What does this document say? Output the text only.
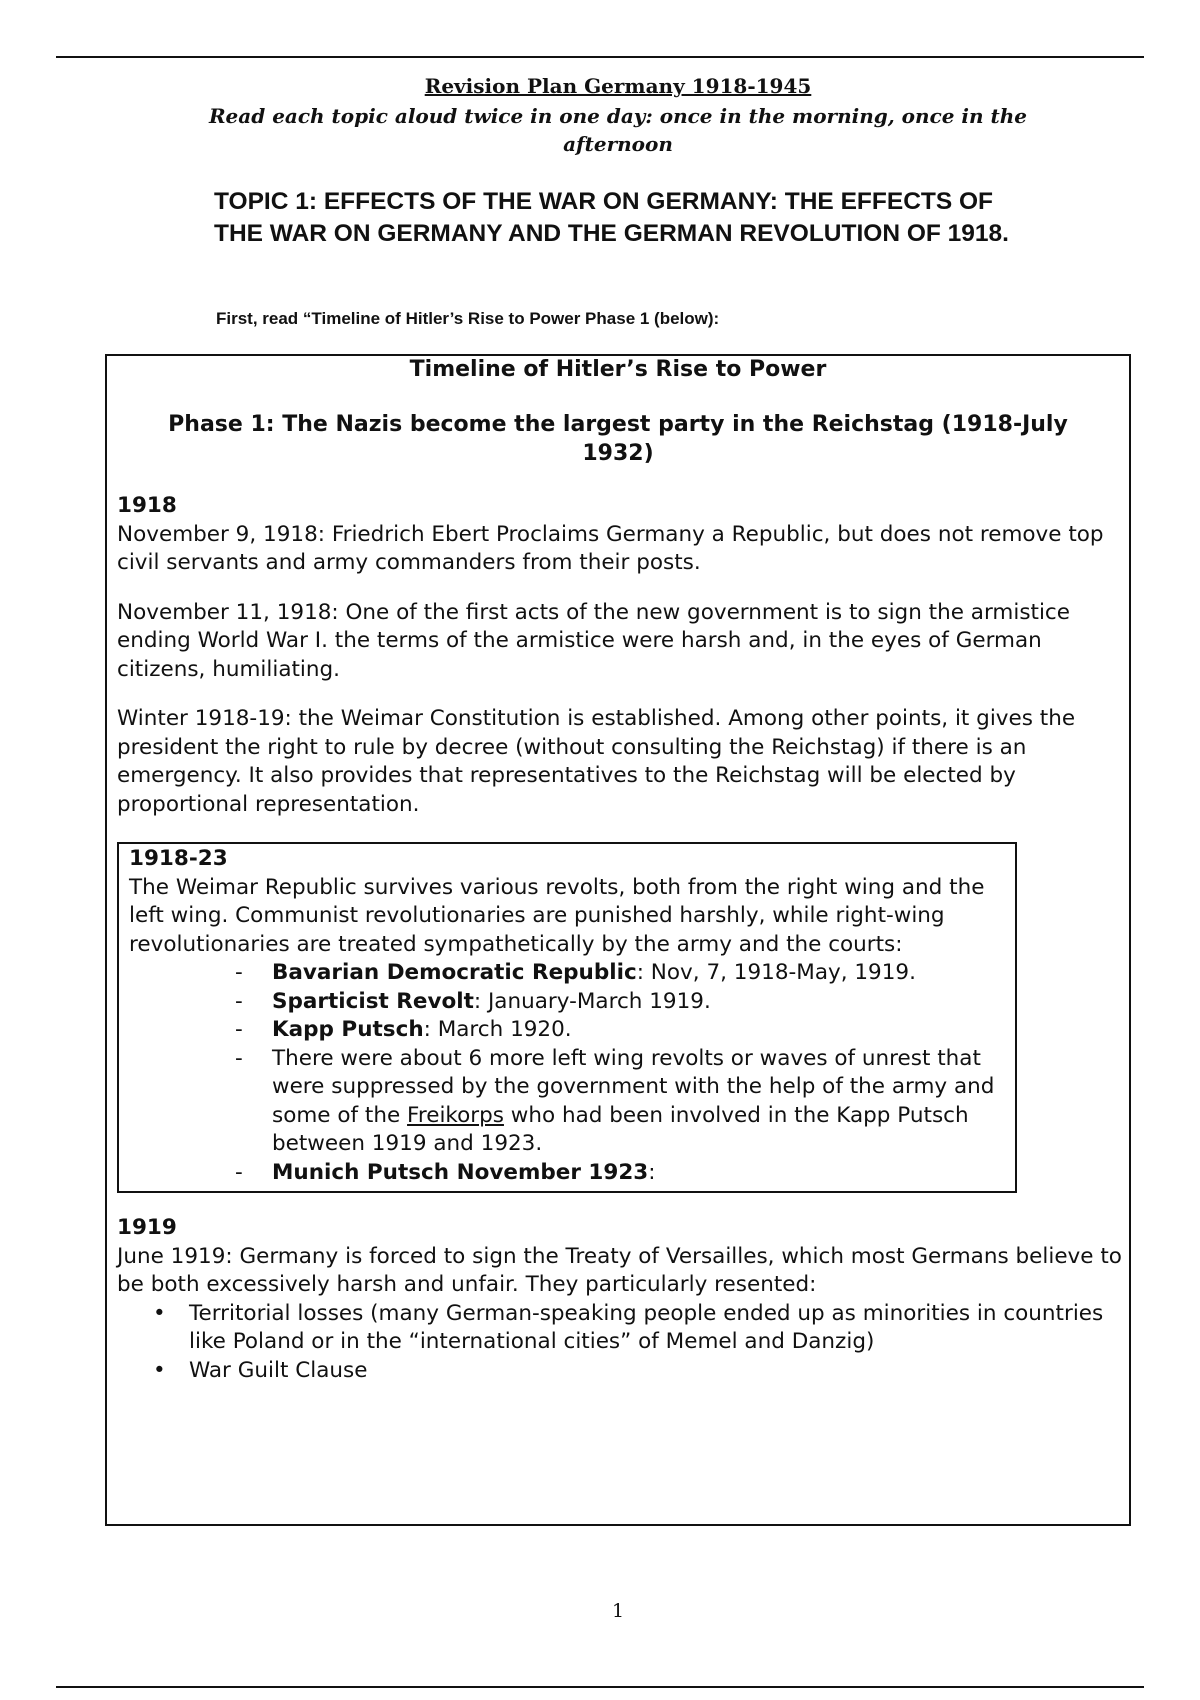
Revision Plan Germany 1918-1945
Read each topic aloud twice in one day: once in the morning, once in the afternoon
TOPIC 1: EFFECTS OF THE WAR ON GERMANY: THE EFFECTS OF THE WAR ON GERMANY AND THE GERMAN REVOLUTION OF 1918.
First, read “Timeline of Hitler’s Rise to Power Phase 1 (below):
Timeline of Hitler’s Rise to Power
Phase 1: The Nazis become the largest party in the Reichstag (1918-July 1932)
1918
November 9, 1918: Friedrich Ebert Proclaims Germany a Republic, but does not remove top civil servants and army commanders from their posts.
November 11, 1918: One of the first acts of the new government is to sign the armistice ending World War I. the terms of the armistice were harsh and, in the eyes of German citizens, humiliating.
Winter 1918-19: the Weimar Constitution is established. Among other points, it gives the president the right to rule by decree (without consulting the Reichstag) if there is an emergency. It also provides that representatives to the Reichstag will be elected by proportional representation.
1918-23
The Weimar Republic survives various revolts, both from the right wing and the left wing. Communist revolutionaries are punished harshly, while right-wing revolutionaries are treated sympathetically by the army and the courts:
- Bavarian Democratic Republic: Nov, 7, 1918-May, 1919.
- Sparticist Revolt: January-March 1919.
- Kapp Putsch: March 1920.
- There were about 6 more left wing revolts or waves of unrest that were suppressed by the government with the help of the army and some of the Freikorps who had been involved in the Kapp Putsch between 1919 and 1923.
- Munich Putsch November 1923:
1919
June 1919: Germany is forced to sign the Treaty of Versailles, which most Germans believe to be both excessively harsh and unfair. They particularly resented:
• Territorial losses (many German-speaking people ended up as minorities in countries like Poland or in the “international cities” of Memel and Danzig)
• War Guilt Clause
1
